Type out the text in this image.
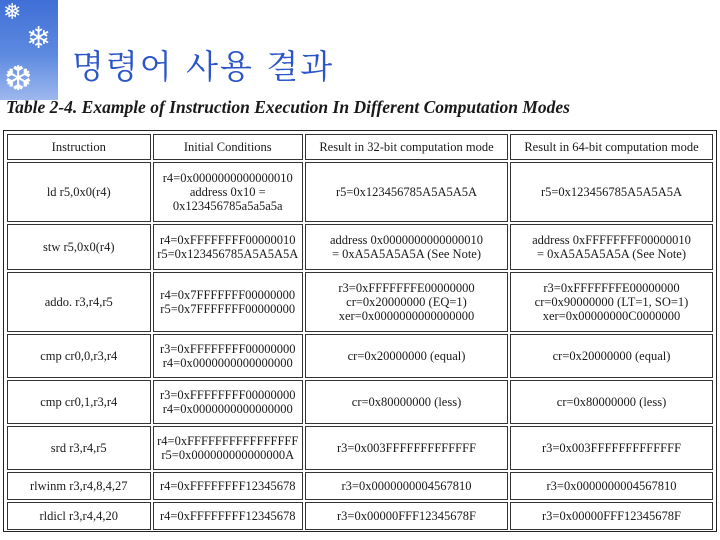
❅
❄
❆ 명령어 사용 결과
Table 2-4. Example of Instruction Execution In Different Computation Modes
Instruction	Initial Conditions	Result in 32-bit computation mode	Result in 64-bit computation mode

ld r5,0x0(r4)	r4=0x0000000000000010
address 0x10 =
0x123456785a5a5a5a	r5=0x123456785A5A5A5A	r5=0x123456785A5A5A5A

stw r5,0x0(r4)	r4=0xFFFFFFFF00000010
r5=0x123456785A5A5A5A	address 0x0000000000000010
= 0xA5A5A5A5A (See Note)	address 0xFFFFFFFF00000010
= 0xA5A5A5A5A (See Note)

addo. r3,r4,r5	r4=0x7FFFFFFF00000000
r5=0x7FFFFFFF00000000	r3=0xFFFFFFFE00000000
cr=0x20000000 (EQ=1)
xer=0x0000000000000000	r3=0xFFFFFFFE00000000
cr=0x90000000 (LT=1, SO=1)
xer=0x00000000C0000000

cmp cr0,0,r3,r4	r3=0xFFFFFFFF00000000
r4=0x0000000000000000	cr=0x20000000 (equal)	cr=0x20000000 (equal)

cmp cr0,1,r3,r4	r3=0xFFFFFFFF00000000
r4=0x0000000000000000	cr=0x80000000 (less)	cr=0x80000000 (less)

srd r3,r4,r5	r4=0xFFFFFFFFFFFFFFFF
r5=0x000000000000000A	r3=0x003FFFFFFFFFFFFF	r3=0x003FFFFFFFFFFFFF

rlwinm r3,r4,8,4,27	r4=0xFFFFFFFF12345678	r3=0x0000000004567810	r3=0x0000000004567810

rldicl r3,r4,4,20	r4=0xFFFFFFFF12345678	r3=0x00000FFF12345678F	r3=0x00000FFF12345678F
